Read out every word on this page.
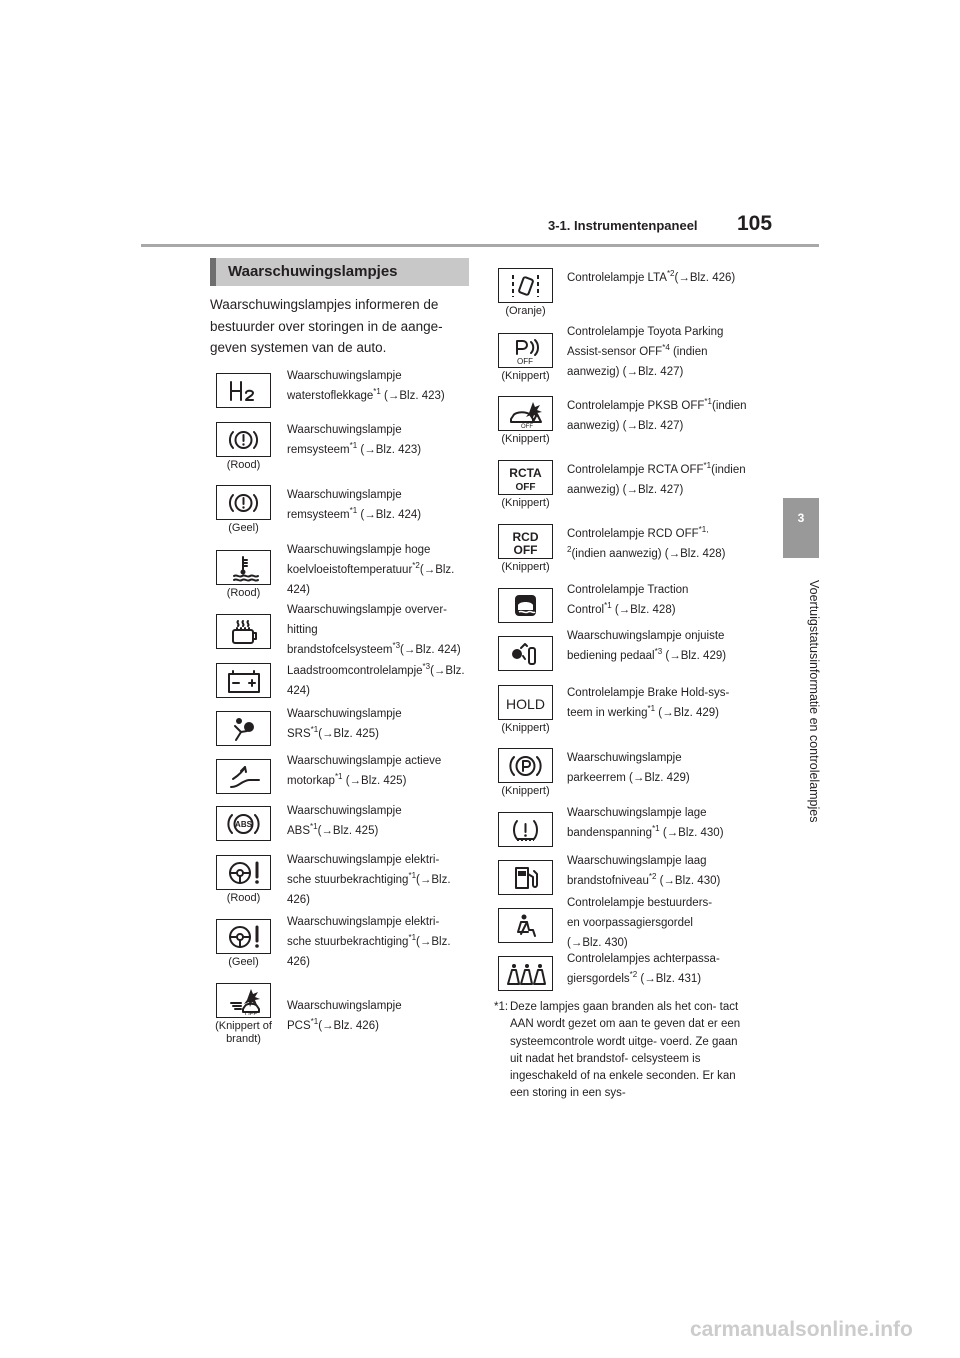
3-1. Instrumentenpaneel 105
3
Voertuigstatusinformatie en controlelampjes
Waarschuwingslampjes
Waarschuwingslampjes informeren de bestuurder over storingen in de aange- geven systemen van de auto.
Waarschuwingslampje
waterstoflekkage$^{*1}$ (→Blz. 423)
(Rood)
Waarschuwingslampje
remsysteem$^{*1}$ (→Blz. 423)
(Geel)
Waarschuwingslampje
remsysteem$^{*1}$ (→Blz. 424)
(Rood)
Waarschuwingslampje hoge
koelvloeistoftemperatuur$^{*2}$(→Blz. 424)
Waarschuwingslampje overver-
hitting brandstofcelsysteem$^{*3}$(→Blz. 424)
Laadstroomcontrolelampje$^{*3}$(→Blz. 424)
Waarschuwingslampje $SRS^{*1}(\to Blz$. 425)
Waarschuwingslampje actieve
motorkap$^{*1}$ (→Blz. 425)
ABS
Waarschuwingslampje $ABS^{*1}(\to Blz$. 425)
(Rood)
Waarschuwingslampje elektri-
sche stuurbekrachtiging$^{*1}$(→Blz. 426)
(Geel)
Waarschuwingslampje elektri-
sche stuurbekrachtiging$^{*1}$(→Blz. 426)
OFF
(Knippert of brandt)
Waarschuwingslampje $PCS^{*1}(\to Blz$. 426)
(Oranje)
Controlelampje $LTA^{*2}(\to Blz$. 426)
OFF
(Knippert)
Controlelampje Toyota Parking
Assist-sensor OFF$^{*4}$ (indien aanwezig) (→Blz. 427)
OFF
(Knippert)
Controlelampje PKSB OFF$^{*1}$(indien aanwezig) (→Blz. 427)
RCTA
OFF
(Knippert)
Controlelampje RCTA OFF$^{*1}$(indien aanwezig) (→Blz. 427)
RCD
OFF
(Knippert)
Controlelampje RCD OFF$^{*1, 2}$(indien aanwezig) (→Blz. 428)
Controlelampje Traction
Control$^{*1}$ (→Blz. 428)
Waarschuwingslampje onjuiste
bediening pedaal$^{*3}$ (→Blz. 429)
HOLD
(Knippert)
Controlelampje Brake Hold-sys-
teem in werking$^{*1}$ (→Blz. 429)
(Knippert)
Waarschuwingslampje
parkeerrem (→Blz. 429)
Waarschuwingslampje lage
bandenspanning$^{*1}$ (→Blz. 430)
Waarschuwingslampje laag
brandstofniveau$^{*2}$ (→Blz. 430)
Controlelampje bestuurders-
en voorpassagiersgordel
(→Blz. 430)
Controlelampjes achterpassa-
giersgordels$^{*2}$ (→Blz. 431)
*1: Deze lampjes gaan branden als het con- tact AAN wordt gezet om aan te geven dat er een systeemcontrole wordt uitge- voerd. Ze gaan uit nadat het brandstof- celsysteem is ingeschakeld of na enkele seconden. Er kan een storing in een sys-
carmanualsonline.info
